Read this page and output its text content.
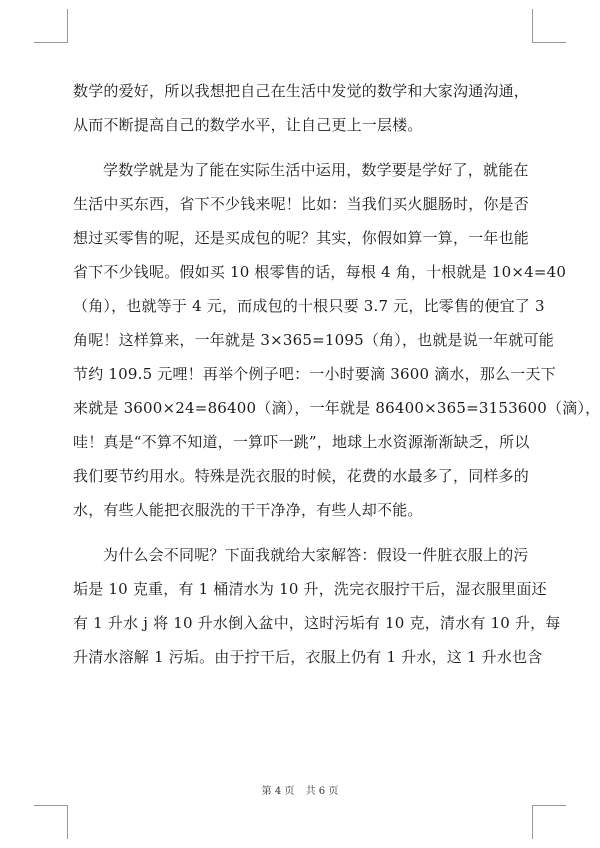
数学的爱好，所以我想把自己在生活中发觉的数学和大家沟通沟通，
从而不断提高自己的数学水平，让自己更上一层楼。
学数学就是为了能在实际生活中运用，数学要是学好了，就能在
生活中买东西，省下不少钱来呢！比如：当我们买火腿肠时，你是否
想过买零售的呢，还是买成包的呢？其实，你假如算一算，一年也能
省下不少钱呢。假如买 10 根零售的话，每根 4 角，十根就是 10×4=40
（角），也就等于 4 元，而成包的十根只要 3.7 元，比零售的便宜了 3
角呢！这样算来，一年就是 3×365=1095（角），也就是说一年就可能
节约 109.5 元哩！再举个例子吧：一小时要滴 3600 滴水，那么一天下
来就是 3600×24=86400（滴），一年就是 86400×365=3153600（滴），
哇！真是“不算不知道，一算吓一跳”，地球上水资源渐渐缺乏，所以
我们要节约用水。特殊是洗衣服的时候，花费的水最多了，同样多的
水，有些人能把衣服洗的干干净净，有些人却不能。
为什么会不同呢？下面我就给大家解答：假设一件脏衣服上的污
垢是 10 克重，有 1 桶清水为 10 升，洗完衣服拧干后，湿衣服里面还
有 1 升水 j 将 10 升水倒入盆中，这时污垢有 10 克，清水有 10 升，每
升清水溶解 1 污垢。由于拧干后，衣服上仍有 1 升水，这 1 升水也含
第 4 页 共 6 页
